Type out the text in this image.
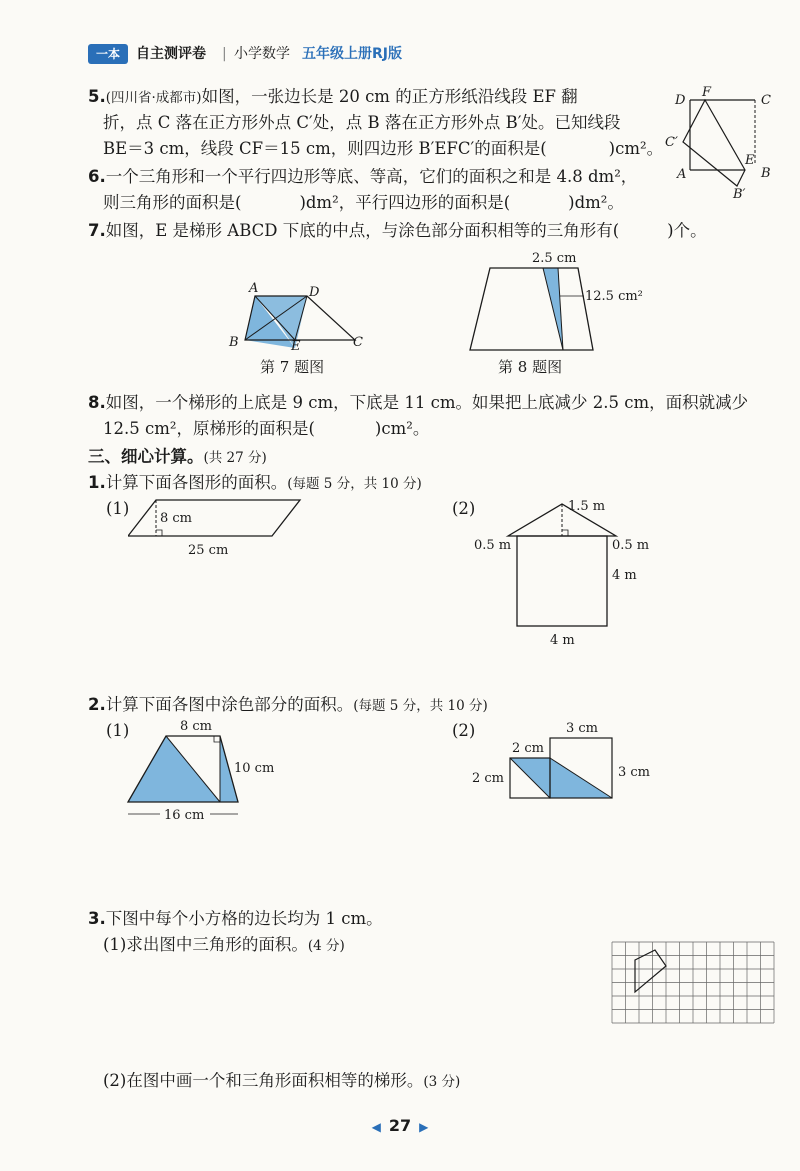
一本	自主测评卷 | 小学数学 五年级上册RJ版
5.(四川省·成都市)如图，一张边长是 20 cm 的正方形纸沿线段 EF 翻
折，点 C 落在正方形外点 C′处，点 B 落在正方形外点 B′处。已知线段
BE＝3 cm，线段 CF＝15 cm，则四边形 B′EFC′的面积是(	)cm²。
6.一个三角形和一个平行四边形等底、等高，它们的面积之和是 4.8 dm²，
则三角形的面积是(	)dm²，平行四边形的面积是(	)dm²。
7.如图，E 是梯形 ABCD 下底的中点，与涂色部分面积相等的三角形有(	)个。
D
F
C
C′
A
E
B
B′
A	D
B	E	C
第 7 题图
2.5 cm
12.5 cm²
第 8 题图
8.如图，一个梯形的上底是 9 cm，下底是 11 cm。如果把上底减少 2.5 cm，面积就减少
12.5 cm²，原梯形的面积是(	)cm²。
三、细心计算。(共 27 分)
1.计算下面各图形的面积。(每题 5 分，共 10 分)
(1)	(2)
8 cm
25 cm
1.5 m
0.5 m	0.5 m
4 m
4 m
2.计算下面各图中涂色部分的面积。(每题 5 分，共 10 分)
(1)	(2)
8 cm
10 cm
16 cm
2 cm
3 cm
2 cm	3 cm
3.下图中每个小方格的边长均为 1 cm。
(1)求出图中三角形的面积。(4 分)
(2)在图中画一个和三角形面积相等的梯形。(3 分)
◀ 27 ▶
